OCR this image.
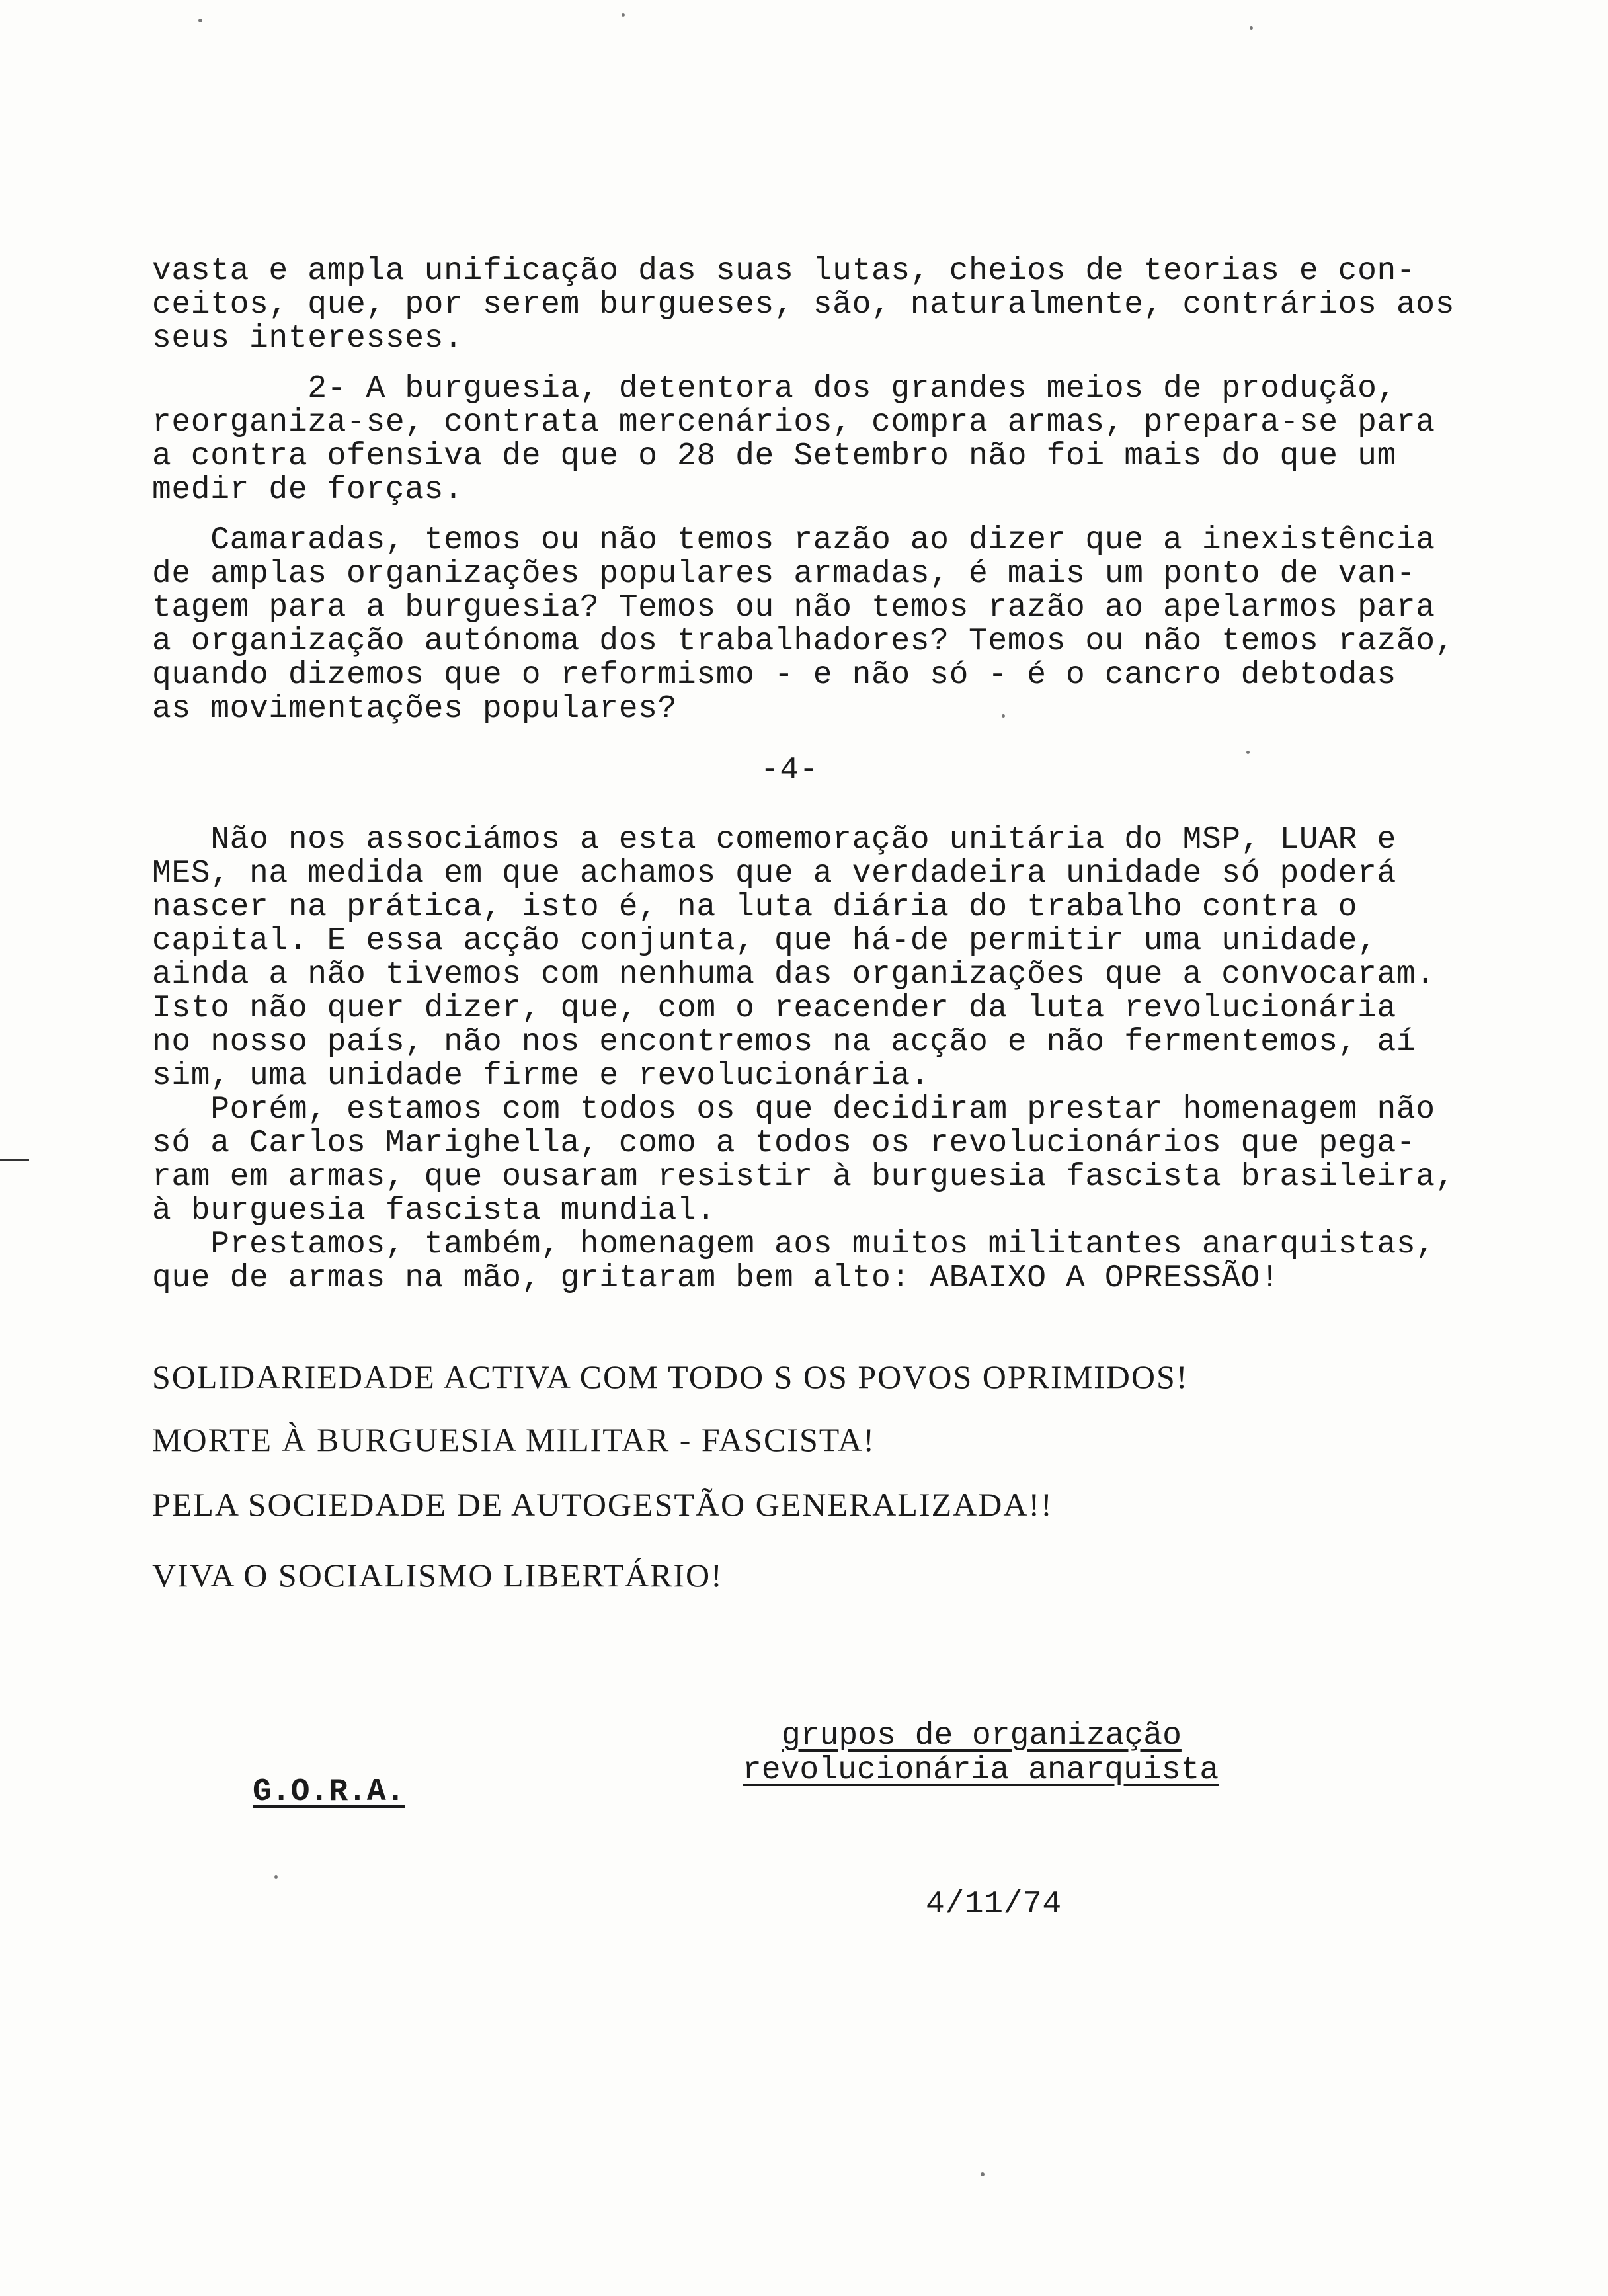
vasta e ampla unificação das suas lutas, cheios de teorias e con-
ceitos, que, por serem burgueses, são, naturalmente, contrários aos
seus interesses.
2- A burguesia, detentora dos grandes meios de produção,
reorganiza-se, contrata mercenários, compra armas, prepara-se para
a contra ofensiva de que o 28 de Setembro não foi mais do que um
medir de forças.
Camaradas, temos ou não temos razão ao dizer que a inexistência
de amplas organizações populares armadas, é mais um ponto de van-
tagem para a burguesia? Temos ou não temos razão ao apelarmos para
a organização autónoma dos trabalhadores? Temos ou não temos razão,
quando dizemos que o reformismo - e não só - é o cancro debtodas
as movimentações populares?
-4-
Não nos associámos a esta comemoração unitária do MSP, LUAR e
MES, na medida em que achamos que a verdadeira unidade só poderá
nascer na prática, isto é, na luta diária do trabalho contra o
capital. E essa acção conjunta, que há-de permitir uma unidade,
ainda a não tivemos com nenhuma das organizações que a convocaram.
Isto não quer dizer, que, com o reacender da luta revolucionária
no nosso país, não nos encontremos na acção e não fermentemos, aí
sim, uma unidade firme e revolucionária.
Porém, estamos com todos os que decidiram prestar homenagem não
só a Carlos Marighella, como a todos os revolucionários que pega-
ram em armas, que ousaram resistir à burguesia fascista brasileira,
à burguesia fascista mundial.
Prestamos, também, homenagem aos muitos militantes anarquistas,
que de armas na mão, gritaram bem alto: ABAIXO A OPRESSÃO!
SOLIDARIEDADE ACTIVA COM TODO S OS POVOS OPRIMIDOS!
MORTE À BURGUESIA MILITAR - FASCISTA!
PELA SOCIEDADE DE AUTOGESTÃO GENERALIZADA!!
VIVA O SOCIALISMO LIBERTÁRIO!
grupos de organização
revolucionária anarquista
G.O.R.A.
4/11/74
